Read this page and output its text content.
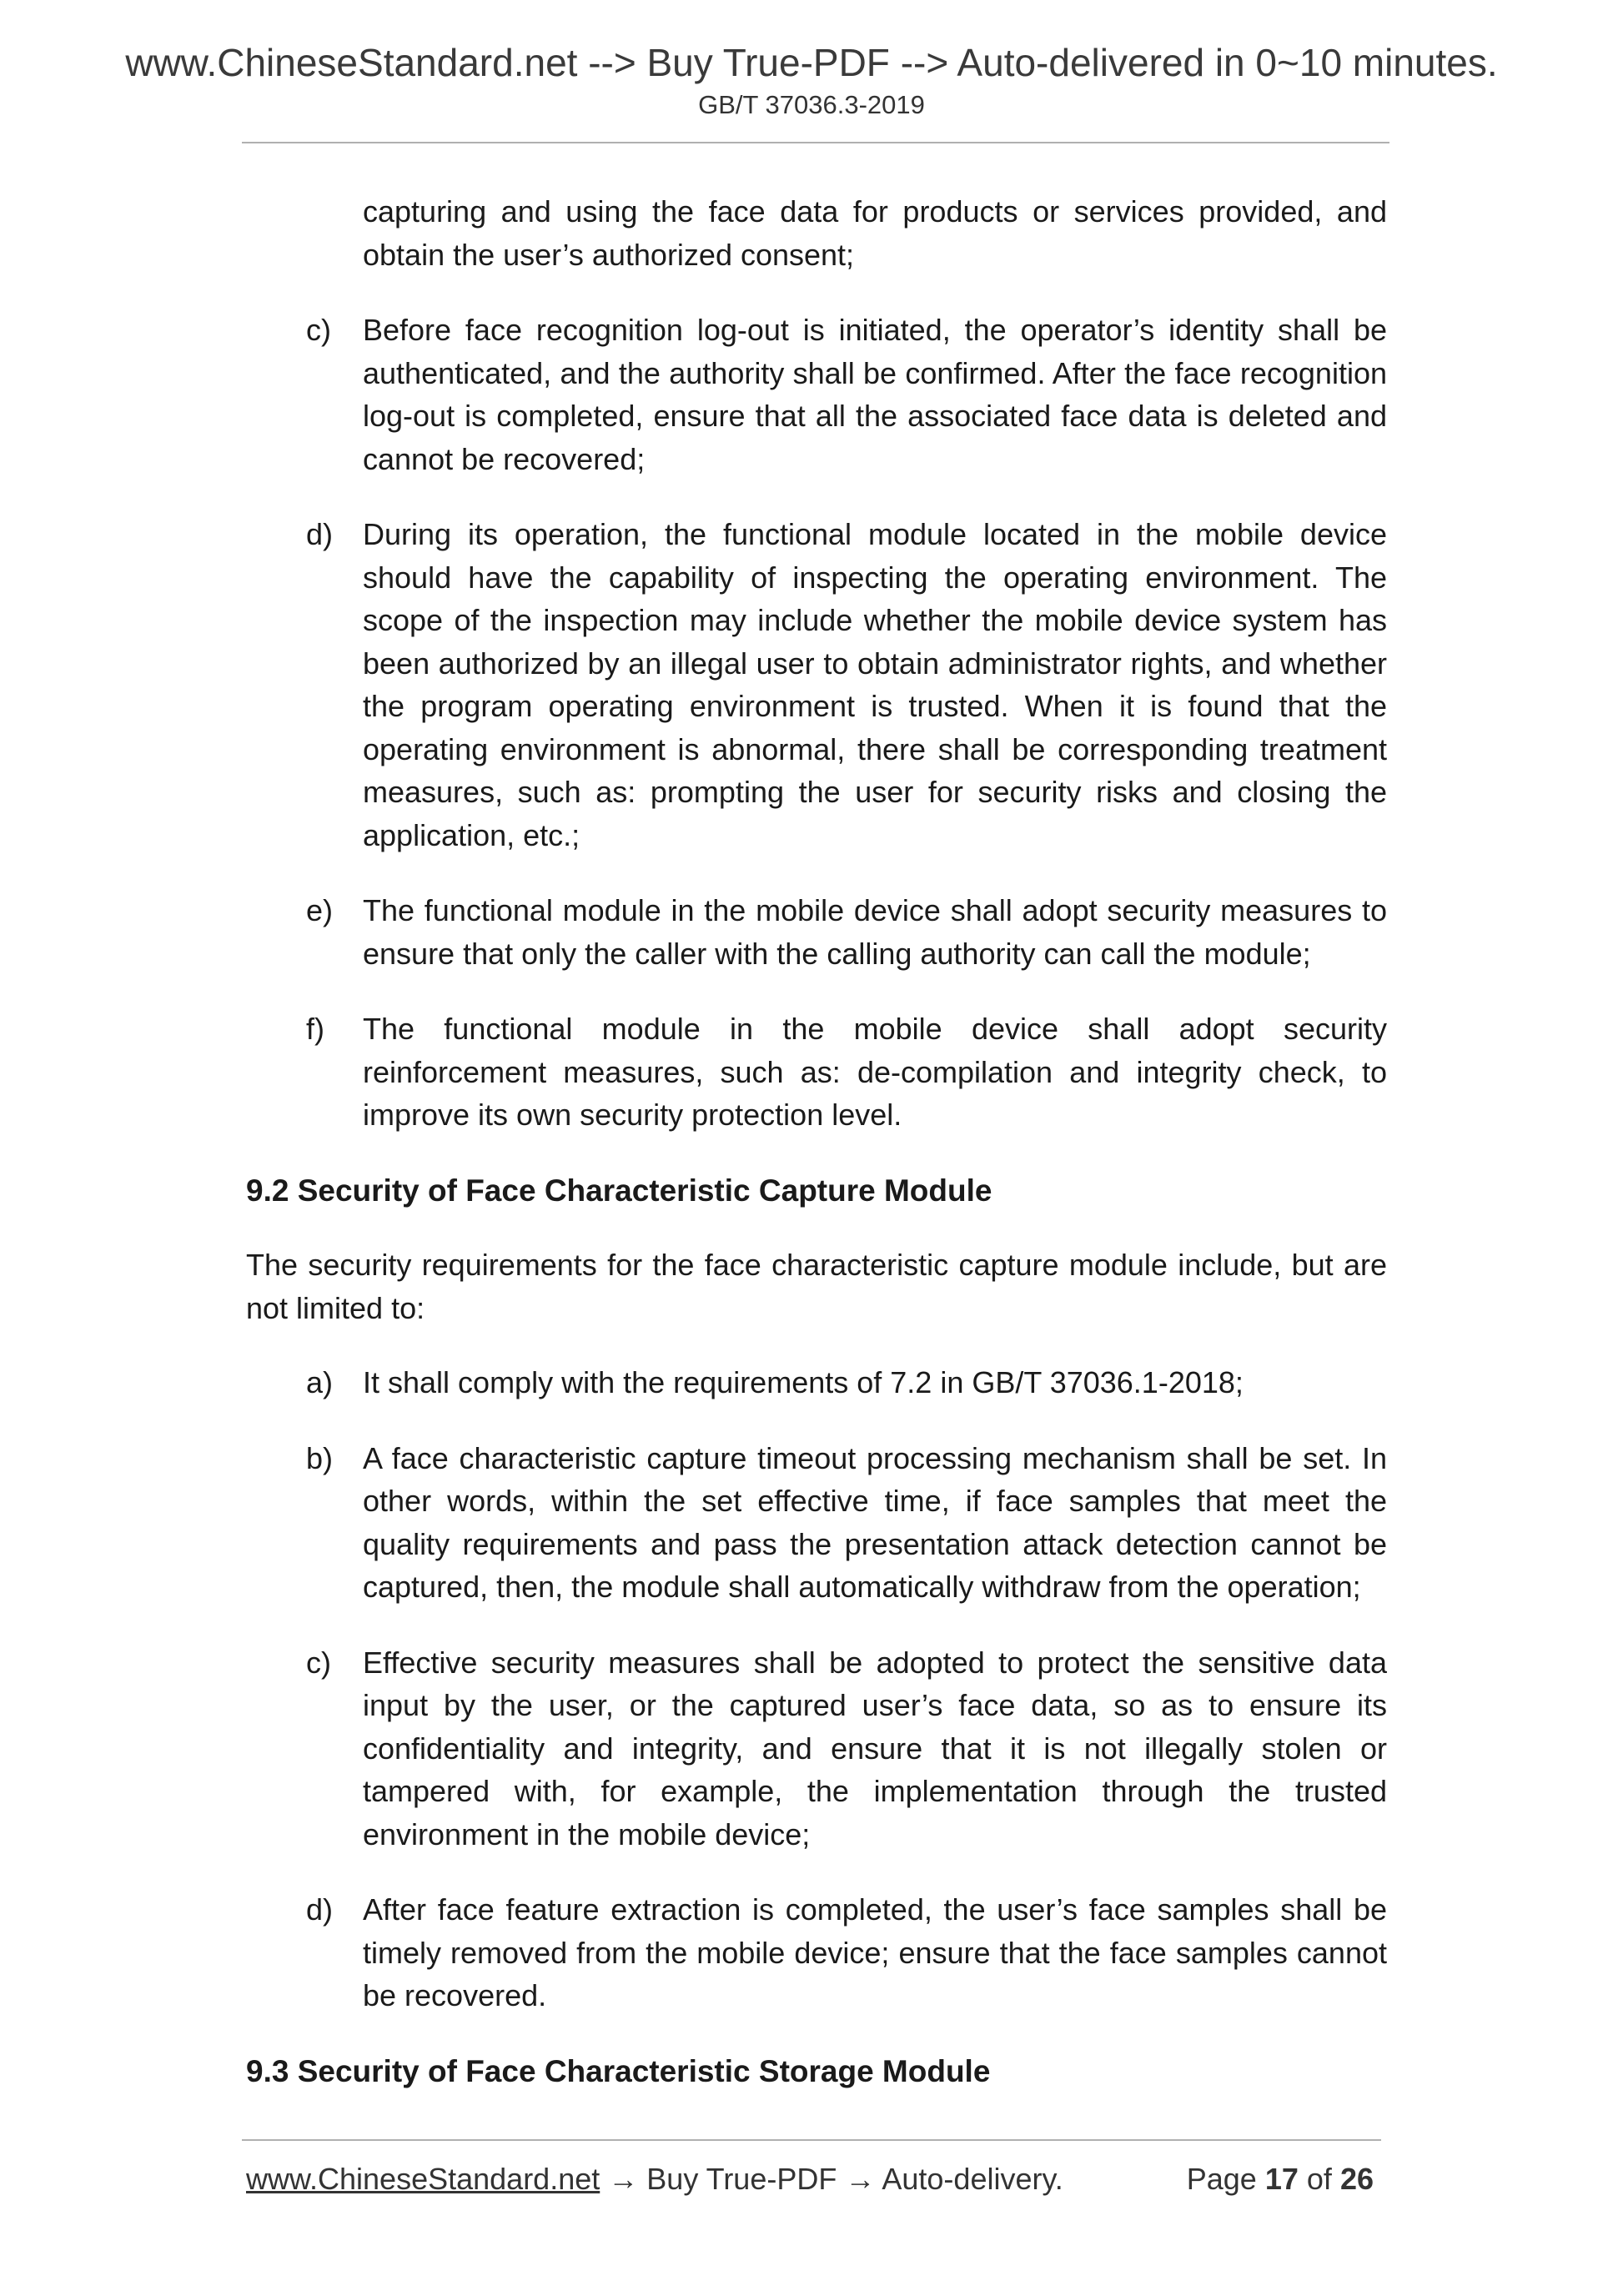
www.ChineseStandard.net --> Buy True-PDF --> Auto-delivered in 0~10 minutes.
GB/T 37036.3-2019
capturing and using the face data for products or services provided, and obtain the user’s authorized consent;
c) Before face recognition log-out is initiated, the operator’s identity shall be authenticated, and the authority shall be confirmed. After the face recognition log-out is completed, ensure that all the associated face data is deleted and cannot be recovered;
d) During its operation, the functional module located in the mobile device should have the capability of inspecting the operating environment. The scope of the inspection may include whether the mobile device system has been authorized by an illegal user to obtain administrator rights, and whether the program operating environment is trusted. When it is found that the operating environment is abnormal, there shall be corresponding treatment measures, such as: prompting the user for security risks and closing the application, etc.;
e) The functional module in the mobile device shall adopt security measures to ensure that only the caller with the calling authority can call the module;
f) The functional module in the mobile device shall adopt security reinforcement measures, such as: de-compilation and integrity check, to improve its own security protection level.
9.2 Security of Face Characteristic Capture Module
The security requirements for the face characteristic capture module include, but are not limited to:
a) It shall comply with the requirements of 7.2 in GB/T 37036.1-2018;
b) A face characteristic capture timeout processing mechanism shall be set. In other words, within the set effective time, if face samples that meet the quality requirements and pass the presentation attack detection cannot be captured, then, the module shall automatically withdraw from the operation;
c) Effective security measures shall be adopted to protect the sensitive data input by the user, or the captured user’s face data, so as to ensure its confidentiality and integrity, and ensure that it is not illegally stolen or tampered with, for example, the implementation through the trusted environment in the mobile device;
d) After face feature extraction is completed, the user’s face samples shall be timely removed from the mobile device; ensure that the face samples cannot be recovered.
9.3 Security of Face Characteristic Storage Module
www.ChineseStandard.net → Buy True-PDF → Auto-delivery.	Page 17 of 26
